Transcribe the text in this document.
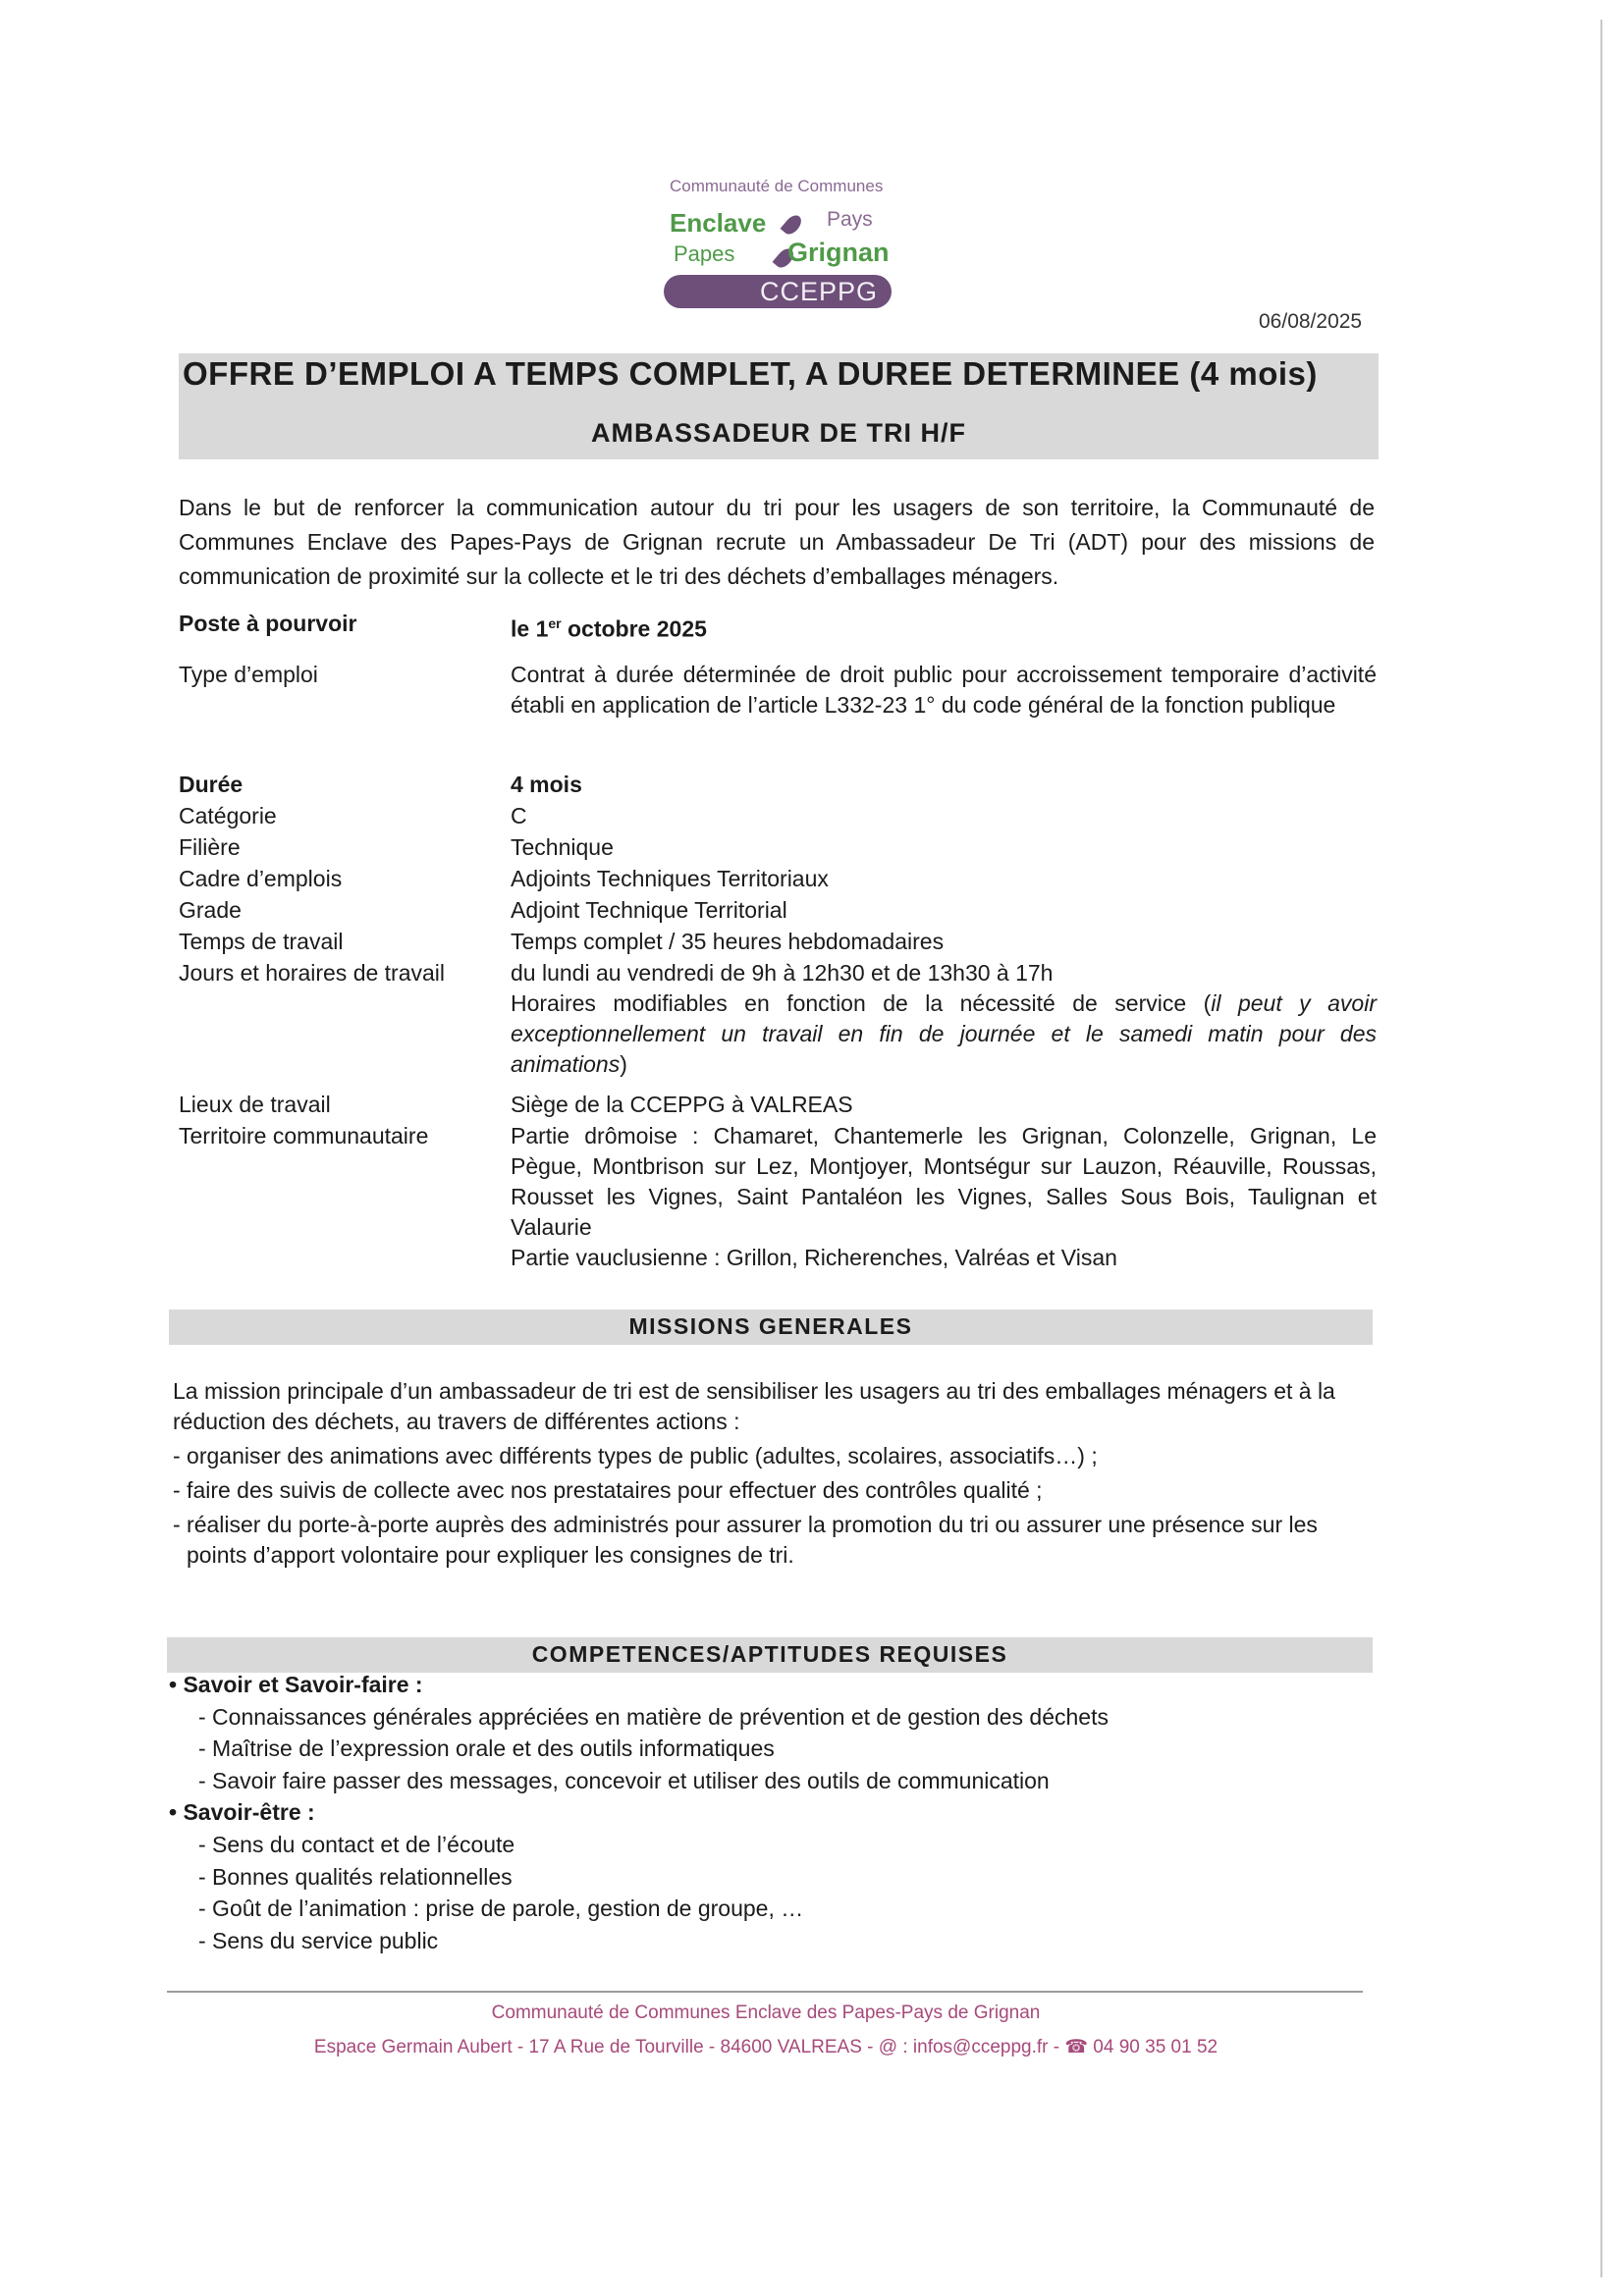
Communauté de Communes
Enclave
Papes
Pays
Grignan
CCEPPG
06/08/2025
AMBASSADEUR DE TRI H/F
OFFRE D’EMPLOI A TEMPS COMPLET, A DUREE DETERMINEE (4 mois)
Dans le but de renforcer la communication autour du tri pour les usagers de son territoire, la Communauté de Communes Enclave des Papes-Pays de Grignan recrute un Ambassadeur De Tri (ADT) pour des missions de communication de proximité sur la collecte et le tri des déchets d’emballages ménagers.
Poste à pourvoir	le 1er octobre 2025
Type d’emploi	Contrat à durée déterminée de droit public pour accroissement temporaire d’activité établi en application de l’article L332-23 1° du code général de la fonction publique
Durée	4 mois
Catégorie	C
Filière	Technique
Cadre d’emplois	Adjoints Techniques Territoriaux
Grade	Adjoint Technique Territorial
Temps de travail	Temps complet / 35 heures hebdomadaires
Jours et horaires de travail	du lundi au vendredi de 9h à 12h30 et de 13h30 à 17h
Horaires modifiables en fonction de la nécessité de service (il peut y avoir exceptionnellement un travail en fin de journée et le samedi matin pour des animations)
Lieux de travail	Siège de la CCEPPG à VALREAS
Territoire communautaire	Partie drômoise : Chamaret, Chantemerle les Grignan, Colonzelle, Grignan, Le Pègue, Montbrison sur Lez, Montjoyer, Montségur sur Lauzon, Réauville, Roussas, Rousset les Vignes, Saint Pantaléon les Vignes, Salles Sous Bois, Taulignan et Valaurie
Partie vauclusienne : Grillon, Richerenches, Valréas et Visan
MISSIONS GENERALES
La mission principale d’un ambassadeur de tri est de sensibiliser les usagers au tri des emballages ménagers et à la réduction des déchets, au travers de différentes actions :
- organiser des animations avec différents types de public (adultes, scolaires, associatifs…) ;
- faire des suivis de collecte avec nos prestataires pour effectuer des contrôles qualité ;
- réaliser du porte-à-porte auprès des administrés pour assurer la promotion du tri ou assurer une présence sur les points d’apport volontaire pour expliquer les consignes de tri.
COMPETENCES/APTITUDES REQUISES
• Savoir et Savoir-faire :
- Connaissances générales appréciées en matière de prévention et de gestion des déchets
- Maîtrise de l’expression orale et des outils informatiques
- Savoir faire passer des messages, concevoir et utiliser des outils de communication
• Savoir-être :
- Sens du contact et de l’écoute
- Bonnes qualités relationnelles
- Goût de l’animation : prise de parole, gestion de groupe, …
- Sens du service public
Communauté de Communes Enclave des Papes-Pays de Grignan
Espace Germain Aubert - 17 A Rue de Tourville - 84600 VALREAS - @ : infos@cceppg.fr - ☎ 04 90 35 01 52
